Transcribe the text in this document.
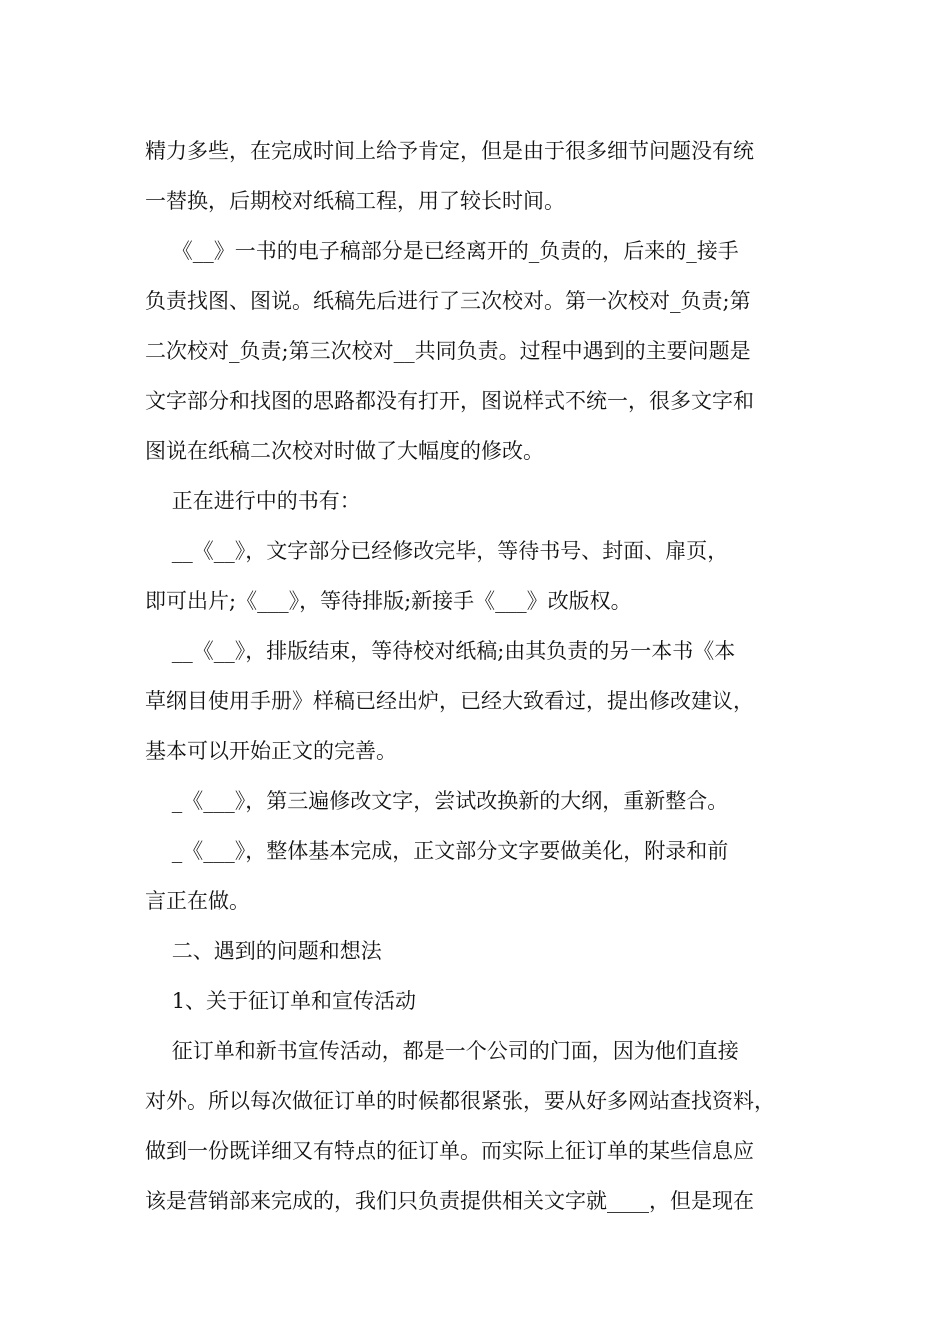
精力多些，在完成时间上给予肯定，但是由于很多细节问题没有统
一替换，后期校对纸稿工程，用了较长时间。
《__》一书的电子稿部分是已经离开的_负责的，后来的_接手
负责找图、图说。纸稿先后进行了三次校对。第一次校对_负责;第
二次校对_负责;第三次校对__共同负责。过程中遇到的主要问题是
文字部分和找图的思路都没有打开，图说样式不统一，很多文字和
图说在纸稿二次校对时做了大幅度的修改。
正在进行中的书有：
__《__》，文字部分已经修改完毕，等待书号、封面、扉页，
即可出片;《___》，等待排版;新接手《___》改版权。
__《__》，排版结束，等待校对纸稿;由其负责的另一本书《本
草纲目使用手册》样稿已经出炉，已经大致看过，提出修改建议，
基本可以开始正文的完善。
_《___》，第三遍修改文字，尝试改换新的大纲，重新整合。
_《___》，整体基本完成，正文部分文字要做美化，附录和前
言正在做。
二、遇到的问题和想法
1、关于征订单和宣传活动
征订单和新书宣传活动，都是一个公司的门面，因为他们直接
对外。所以每次做征订单的时候都很紧张，要从好多网站查找资料，
做到一份既详细又有特点的征订单。而实际上征订单的某些信息应
该是营销部来完成的，我们只负责提供相关文字就____，但是现在
